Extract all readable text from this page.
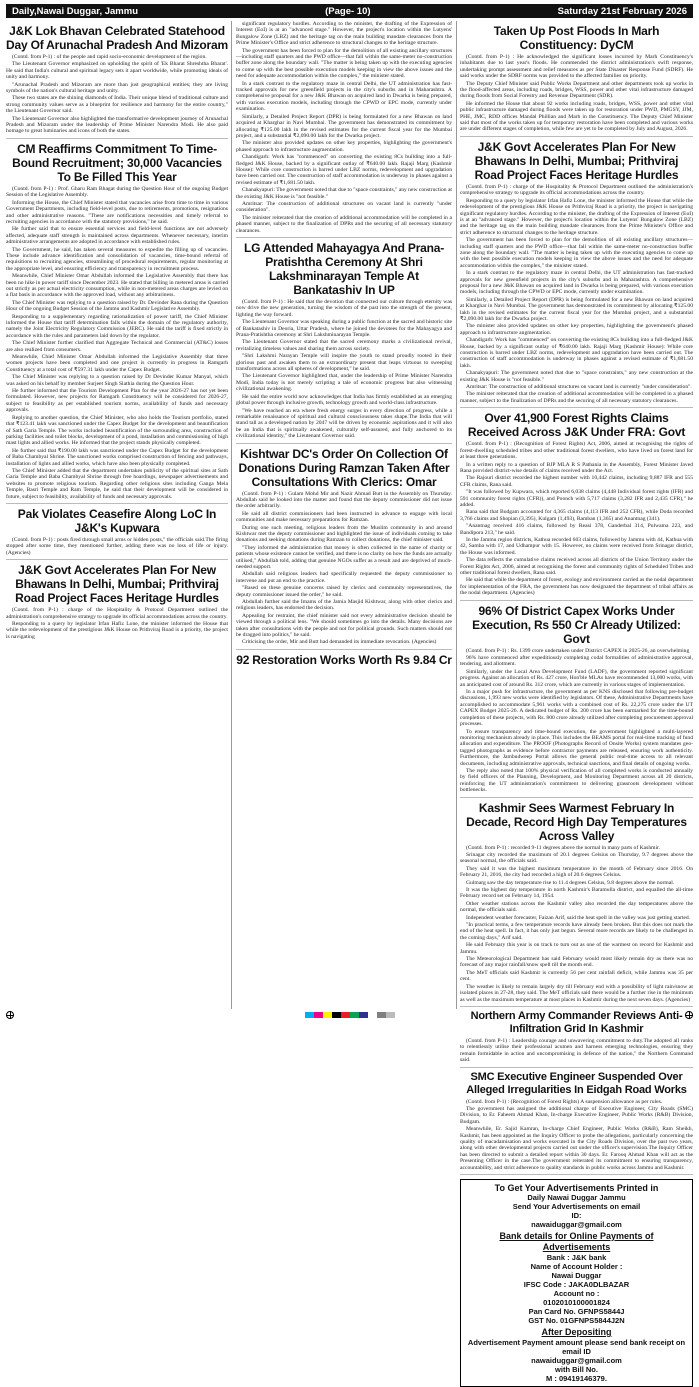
Daily,Nawai Duggar, Jammu	(Page- 10)	Saturday 21st February 2026
J&K Lok Bhavan Celebrated Statehood Day Of Arunachal Pradesh And Mizoram

(Contd. from P-1) : of the people and rapid socio-economic development of the region.

The Lieutenant Governor emphasized on upholding the spirit of 'Ek Bharat Shreshtha Bharat'. He said that India's cultural and spiritual legacy sets it apart worldwide, while promoting ideals of unity and harmony.

"Arunachal Pradesh and Mizoram are more than just geographical entities; they are living symbols of the nation's cultural heritage and unity.

These two states are the shining diamonds of India. Their unique blend of traditional culture and strong community values serve as a blueprint for resilience and harmony for the entire country," the Lieutenant Governor said.

The Lieutenant Governor also highlighted the transformative development journey of Arunachal Pradesh and Mizoram under the leadership of Prime Minister Narendra Modi. He also paid homage to great luminaries and icons of both the states.

CM Reaffirms Commitment To Time-Bound Recruitment; 30,000 Vacancies To Be Filled This Year

(Contd. from P-1) : Prof. Gharu Ram Bhagat during the Question Hour of the ongoing Budget Session of the Legislative Assembly.

Informing the House, the Chief Minister stated that vacancies arise from time to time in various Government Departments, including field-level posts, due to retirements, promotions, resignations and other administrative reasons. "These are notifications necessities and timely referral to recruiting agencies in accordance with the statutory provisions," he said.

He further said that to ensure essential services and field-level functions are not adversely affected, adequate staff strength is maintained across departments. Whenever necessary, interim administrative arrangements are adopted in accordance with established rules.

The Government, he said, has taken several measures to expedite the filling up of vacancies. These include advance identification and consolidation of vacancies, time-bound referral of requisitions to recruiting agencies, streamlining of procedural requirements, regular monitoring at the appropriate level, and ensuring efficiency and transparency in recruitment process.

Meanwhile, Chief Minister Omar Abdullah informed the Legislative Assembly that there has been no hike in power tariff since December 2023. He stated that billing in metered areas is carried out strictly as per actual electricity consumption, while in non-metered areas charges are levied on a flat basis in accordance with the approved load, without any arbitrariness.

The Chief Minister was replying to a question raised by Dr. Devinder Rana during the Question Hour of the ongoing Budget Session of the Jammu and Kashmir Legislative Assembly.

Responding to a supplementary regarding rationalization of power tariff, the Chief Minister informed the House that tariff determination falls within the domain of the regulatory authority, namely the Joint Electricity Regulatory Commission (JERC). He said the tariff is fixed strictly in accordance with the rules and parameters laid down by the regulator.

The Chief Minister further clarified that Aggregate Technical and Commercial (AT&C) losses are also realized from consumers.

Meanwhile, Chief Minister Omar Abdullah informed the Legislative Assembly that three women projects have been completed and one project is currently in progress in Ramgarh Constituency at a total cost of ₹597.31 lakh under the Capex Budget.

The Chief Minister was replying to a question raised by Dr Devinder Kumar Manyal, which was asked on his behalf by member Surjeet Singh Slathia during the Question Hour.

He further informed that the Tourism Development Plan for the year 2026-27 has not yet been formulated. However, new projects for Ramgarh Constituency will be considered for 2026-27, subject to feasibility as per established tourism norms, availability of funds and necessary approvals.

Replying to another question, the Chief Minister, who also holds the Tourism portfolio, stated that ₹123.41 lakh was sanctioned under the Capex Budget for the development and beautification of Sath Garia Temple. The works included beautification of the surrounding area, construction of parking facilities and toilet blocks, development of a pond, installation and commissioning of high mast lights and allied works. He informed that the project stands physically completed.

He further said that ₹190.00 lakh was sanctioned under the Capex Budget for the development of Baba Chambyal Shrine. The sanctioned works comprised construction of fencing and pathways, installation of lights and allied works, which have also been physically completed.

The Chief Minister added that the department undertakes publicity of the spiritual sites at Sath Garia Temple and Baba Chambyal Shrine through free hoardings, newspaper advertisements and websites to promote religious tourism. Regarding other religious sites including Ganga Mela Temple, Basri Temple and Ram Temple, he said that their development will be considered in future, subject to feasibility, availability of funds and necessary approvals.

Pak Violates Ceasefire Along LoC In J&K's Kupwara

(Contd. from P-1) : posts fired through small arms or hidden posts," the officials said.The firing stopped after some time, they mentioned further, adding there was no loss of life or injury. (Agencies)

J&K Govt Accelerates Plan For New Bhawans In Delhi, Mumbai; Prithviraj Road Project Faces Heritage Hurdles

(Contd. from P-1) : charge of the Hospitality & Protocol Department outlined the administration's comprehensive strategy to upgrade its official accommodations across the country.

Responding to a query by legislator Irfan Hafiz Lone, the minister informed the House that while the redevelopment of the prestigious J&K House on Prithviraj Road is a priority, the project is navigating

significant regulatory hurdles. According to the minister, the drafting of the Expression of Interest (EoI) is at an "advanced stage." However, the project's location within the Lutyens' Bungalow Zone (LBZ) and the heritage tag on the main building mandate clearances from the Prime Minister's Office and strict adherence to structural changes to the heritage structure.

The government has been forced to plan for the demolition of all existing ancillary structures—including staff quarters and the PWD office—that fall within the same-meter no-construction buffer zone along the boundary wall. "The matter is being taken up with the executing agencies to come up with the best possible execution models keeping in view the above issues and the need for adequate accommodation within the complex," the minister stated.

In a stark contrast to the regulatory maze in central Delhi, the UT administration has fast-tracked approvals for new greenfield projects in the city's suburbs and in Maharashtra. A comprehensive proposal for a new J&K Bhawan on acquired land in Dwarka is being prepared, with various execution models, including through the CPWD or EPC mode, currently under examination.

Similarly, a Detailed Project Report (DPR) is being formulated for a new Bhawan on land acquired at Kharghar in Navi Mumbai. The government has demonstrated its commitment by allocating ₹125.00 lakh in the revised estimates for the current fiscal year for the Mumbai project, and a substantial ₹2,090.00 lakh for the Dwarka project.

The minister also provided updates on other key properties, highlighting the government's phased approach to infrastructure augmentation.

Chandigarh: Work has "commenced" on converting the existing 8Cs building into a full-fledged J&K House, backed by a significant outlay of ₹640.00 lakh. Rajaji Marg (Kashmir House): While core construction is barred under LBZ norms, redevelopment and upgradation have been carried out. The construction of staff accommodation is underway in phases against a revised estimate of ₹1,681.50 lakh.

Chanakyapuri: The government noted that due to "space constraints," any new construction at the existing J&K House is "not feasible."

Amritsar: The construction of additional structures on vacant land is currently "under consideration".

The minister reiterated that the creation of additional accommodation will be completed in a phased manner, subject to the finalization of DPRs and the securing of all necessary statutory clearances.

LG Attended Mahayagya And Prana-Pratishtha Ceremony At Shri Lakshminarayan Temple At Bankatashiv In UP

(Contd. from P-1) : He said that the devotion that connected our culture through eternity was now drive the new generation, turning the wisdom of the past into the strength of the present, lighting the way forward.

The Lieutenant Governor was speaking during a public function at the sacred and historic site of Bankatashiv in Deoria, Uttar Pradesh, where he joined the devotees for the Mahayagya and Prana-Pratishtha ceremony at Shri Lakshminarayan Temple.

The Lieutenant Governor stated that the sacred ceremony marks a civilizational revival, revitalizing timeless values and sharing them across society.

"Shri Lakshmi Narayan Temple will inspire the youth to stand proudly rooted in their glorious past and awaken them to an extraordinary present that leaps virtuous to sweeping transformations across all spheres of development," he said.

The Lieutenant Governor highlighted that, under the leadership of Prime Minister Narendra Modi, India today is not merely scripting a tale of economic progress but also witnessing civilizational awakening.

He said the entire world now acknowledges that India has firmly established as an emerging global power through inclusive growth, technology growth and world-class infrastructure.

"We have reached an era where fresh energy surges in every direction of progress, while a remarkable renaissance of spiritual and cultural consciousness takes shape.The India that will stand tall as a developed nation by 2047 will be driven by economic aspirations and it will also be an India that is spiritually awakened, culturally self-assured, and fully anchored to its civilizational identity," the Lieutenant Governor said.

Kishtwar DC's Order On Collection Of Donations During Ramzan Taken After Consultations With Clerics: Omar

(Contd. from P-1) : Gulam Mohd Mir and Nazir Ahmad Butt in the Assembly on Thursday. Abdullah said he looked into the matter and found that the deputy commissioner did not issue the order arbitrarily.

He said all district commissioners had been instructed in advance to engage with local communities and make necessary preparations for Ramzan.

During one such meeting, religious leaders from the Muslim community in and around Kishtwar met the deputy commissioner and highlighted the issue of individuals coming to take donations and seeking donations during Ramzan to collect donations, the chief minister said.

"They informed the administration that money is often collected in the name of charity or patients whose existence cannot be verified, and there is no clarity on how the funds are actually utilised," Abdullah told, adding that genuine NGOs suffer as a result and are deprived of much-needed support.

Abdullah said religious leaders had specifically requested the deputy commissioner to intervene and put an end to the practice.

"Based on these genuine concerns raised by clerics and community representatives, the deputy commissioner issued the order," he said.

Abdullah further said the Imams of the Jamia Masjid Kishtwar, along with other clerics and religious leaders, has endorsed the decision.

Appealing for restraint, the chief minister said not every administrative decision should be viewed through a political lens. "We should sometimes go into the details. Many decisions are taken after consultations with the people and not for political grounds. Such matters should not be dragged into politics," he said.

Criticising the order, Mir and Butt had demanded its immediate revocation. (Agencies)

92 Restoration Works Worth Rs 9.84 Cr
Taken Up Post Floods In Marh Constituency: DyCM

(Contd. from P-1) : He acknowledged the significant losses incurred by Marh Constituency's inhabitants due to last year's floods. He commended the district administration's swift response, undertaking prompt assessment and relief measures as per State Disaster Response Fund (SDRF). He said works under the SDRF norms was provided to the affected families on priority.

The Deputy Chief Minister said Public Works Department and other departments took up works in the flood-affected areas, including roads, bridges, WSS, power and other vital infrastructure damaged during floods from Social Forestry and Revenue Department (SDR).

He informed the House that about 92 works including roads, bridges, WSS, power and other vital public infrastructure damaged during floods were taken up for restoration under PWD, PMGSY, JJM, PHE, JMC, RDD offices Mandal Phillian and Marh in the Constituency. The Deputy Chief Minister said that most of the works taken up for temporary restoration have been completed and various works are under different stages of completion, while few are yet to be completed by July and August, 2026.

J&K Govt Accelerates Plan For New Bhawans In Delhi, Mumbai; Prithviraj Road Project Faces Heritage Hurdles

(Contd. from P-1) : charge of the Hospitality & Protocol Department outlined the administration's comprehensive strategy to upgrade its official accommodations across the country.

Responding to a query by legislator Irfan Hafiz Lone, the minister informed the House that while the redevelopment of the prestigious J&K House on Prithviraj Road is a priority, the project is navigating significant regulatory hurdles. According to the minister, the drafting of the Expression of Interest (EoI) is at an "advanced stage." However, the project's location within the Lutyens' Bungalow Zone (LBZ) and the heritage tag on the main building mandate clearances from the Prime Minister's Office and strict adherence to structural changes to the heritage structure.

The government has been forced to plan for the demolition of all existing ancillary structures—including staff quarters and the PWD office—that fall within the same-meter no-construction buffer zone along the boundary wall. "The matter is being taken up with the executing agencies to come up with the best possible execution models keeping in view the above issues and the need for adequate accommodation within the complex," the minister stated.

In a stark contrast to the regulatory maze in central Delhi, the UT administration has fast-tracked approvals for new greenfield projects in the city's suburbs and in Maharashtra. A comprehensive proposal for a new J&K Bhawan on acquired land in Dwarka is being prepared, with various execution models, including through the CPWD or EPC mode, currently under examination.

Similarly, a Detailed Project Report (DPR) is being formulated for a new Bhawan on land acquired at Kharghar in Navi Mumbai. The government has demonstrated its commitment by allocating ₹125.00 lakh in the revised estimates for the current fiscal year for the Mumbai project, and a substantial ₹2,090.00 lakh for the Dwarka project.

The minister also provided updates on other key properties, highlighting the government's phased approach to infrastructure augmentation.

Chandigarh: Work has "commenced" on converting the existing 8Cs building into a full-fledged J&K House, backed by a significant outlay of ₹640.00 lakh. Rajaji Marg (Kashmir House): While core construction is barred under LBZ norms, redevelopment and upgradation have been carried out. The construction of staff accommodation is underway in phases against a revised estimate of ₹1,681.50 lakh.

Chanakyapuri: The government noted that due to "space constraints," any new construction at the existing J&K House is "not feasible."

Amritsar: The construction of additional structures on vacant land is currently "under consideration".

The minister reiterated that the creation of additional accommodation will be completed in a phased manner, subject to the finalization of DPRs and the securing of all necessary statutory clearances.

Over 41,900 Forest Rights Claims Received Across J&K Under FRA: Govt

(Contd. from P-1) : (Recognition of Forest Rights) Act, 2006, aimed at recognising the rights of forest-dwelling scheduled tribes and other traditional forest dwellers, who have lived on forest land for at least three generations.

In a written reply to a question of BJP MLA R S Pathania in the Assembly, Forest Minister Javed Rana provided district-wise details of claims received under the Act.

The Rajouri district recorded the highest number with 10,442 claims, including 9,887 IFR and 555 CFR claims, Rana said.

"It was followed by Kupwara, which reported 6,038 claims (4,448 Individual forest rights (IFR) and 591 community forest rights (CFR)), and Poonch with 5,717 claims (3,282 IFR and 2,435 CFR)," he added.

Rana said that Budgam accounted for 4,365 claims (4,113 IFR and 252 CFR), while Doda recorded 3,766 claims and Shopian (3,395), Kulgam (1,493), Ramban (1,365) and Anantnag (341).

"Anantnag received 416 claims, followed by Reasi 378, Ganderbal 314, Pulwama 223, and Bandipora 213," he said.

In the Jammu region districts, Kathua recorded 603 claims, followed by Jammu with 44, Kathua with 42, Samba with 17, and Udhampur with 15. However, no claims were received from Srinagar district, the House was informed.

The data reflects the cumulative claims received across all districts of the Union Territory under the Forest Rights Act, 2006, aimed at recognising the forest and community rights of Scheduled Tribes and other traditional forest dwellers, Rana said.

He said that while the department of forest, ecology and environment carried as the nodal department for implementation of the FRA, the government has now designated the department of tribal affairs as the nodal department. (Agencies)

96% Of District Capex Works Under Execution, Rs 550 Cr Already Utilized: Govt

(Contd. from P-1) : Rs. 1399 crore undertaken under District CAPEX in 2025-26, an overwhelming

96% have commenced after expeditiously completing codal formalities of administrative approval, tendering, and allotment.

Similarly, under the Local Area Development Fund (LADF), the government reported significant progress. Against an allocation of Rs. 427 crore, Hon'ble MLAs have recommended 13,000 works, with an anticipated cost of around Rs. 312 crore, which are currently in various stages of implementation.

In a major push for infrastructure, the government as per KNS disclosed that following pre-budget discussions, 1,993 new works were identified by legislators. Of these, Administrative Departments have accomplished to accommodate 5,961 works with a combined cost of Rs. 22,275 crore under the UT CAPEX Budget 2025-26. A dedicated budget of Rs. 200 crore has been earmarked for the time-bound completion of these projects, with Rs. 800 crore already utilized after completing procurement approval processes.

To ensure transparency and time-bound execution, the government highlighted a multi-layered monitoring mechanism already in place. This includes the BEAMS portal for real-time tracking of fund allocation and expenditure. The PROOF (Photographs Record of Onsite Works) system mandates geo-tagged photographs as evidence before contractor payments are released, ensuring work authenticity. Furthermore, the Jambudweep Portal allows the general public real-time access to all relevant documents, including administrative approvals, technical sanctions, and final details of ongoing works.

The reply also noted that 100% physical verification of all completed works is conducted annually by field officers of the Planning, Development, and Monitoring Department across all 20 districts, reinforcing the UT administration's commitment to delivering grassroots development without bottlenecks.

Kashmir Sees Warmest February In Decade, Record High Day Temperatures Across Valley

(Contd. from P-1) : recorded 9-11 degrees above the normal in many parts of Kashmir.

Srinagar city recorded the maximum of 20.1 degrees Celsius on Thursday, 9.7 degrees above the seasonal normal, the officials said.

They said it was the highest maximum temperature in the month of February since 2016. On February 21, 2016, the city had recorded a high of 20.6 degrees Celsius.

Gulmarg saw the day temperature rise to 11.4 degrees Celsius, 9.8 degrees above the normal.

It was the highest day temperature in north Kashmir's Baramulla district, and equalled the all-time February record set on February 14, 1954.

Other weather stations across the Kashmir valley also recorded the day temperatures above the normal, the officials said.

Independent weather forecaster, Faizan Arif, said the heat spell in the valley was just getting started.

"In practical terms, a few temperature records have already been broken. But this does not mark the end of the heat spell. In fact, it has only just begun. Several more records are likely to be challenged in the coming days," Arif said.

He said February this year is on track to turn out as one of the warmest on record for Kashmir and Jammu.

The Meteorological Department has said February would most likely remain dry as there was no forecast of any major rainfall/snow spell till the month end.

The MeT officials said Kashmir is currently 56 per cent rainfall deficit, while Jammu was 35 per cent.

The weather is likely to remain largely dry till February end with a possibility of light rain/snow at isolated places in 27-28, they said. The MeT officials said there would be a further rise in the minimum as well as the maximum temperature at most places in Kashmir during the next seven days. (Agencies)

Northern Army Commander Reviews Anti-Infiltration Grid In Kashmir

(Contd. from P-1) : Leadership courage and unwavering commitment to duty.The adopted all ranks to relentlessly utilise their professional acumen and harness emerging technologies, ensuring they remain formidable in action and uncompromising in defence of the nation," the Northern Command said.

SMC Executive Engineer Suspended Over Alleged Irregularities In Eidgah Road Works

(Contd. from P-1) : (Recognition of Forest Rights) A suspension allowance as per rules.

The government has assigned the additional charge of Executive Engineer, City Roads (SMC) Division, to Er. Faheem Ahmad Khan, In-charge Executive Engineer, Public Works (R&B) Division, Budgam.

Meanwhile, Er. Sajid Kamran, In-charge Chief Engineer, Public Works (R&B), Ram Sheikh, Kashmir, has been appointed as the Inquiry Officer to probe the allegations, particularly concerning the quality of macadamisation and works executed in the City Roads Division, over the past two years, along with other developmental projects carried out under the officer's supervision.The Inquiry Officer has been directed to submit a detailed report within 30 days. Er. Farooq Ahmad Khan will act as the Presenting Officer in the case.The government reiterated its commitment to ensuring transparency, accountability, and strict adherence to quality standards in public works across Jammu and Kashmir.

To Get Your Advertisements Printed in
Daily Nawai Duggar Jammu
Send Your Advertisements on email
ID:
nawaiduggar@gmail.com
Bank details for Online Payments of Advertisements
Bank : J&K bank
Name of Account Holder :
Nawai Duggar
IFSC Code : JAKA0DLBAZAR
Account no :
0102010100001824
Pan Card No. GFNPS5844J
GST No. 01GFNPS5844J2N
After Depositing
Advertisement Payment amount please send bank receipt on email ID
nawaiduggar@gmail.com
with Bill No.
M : 09419146379.
